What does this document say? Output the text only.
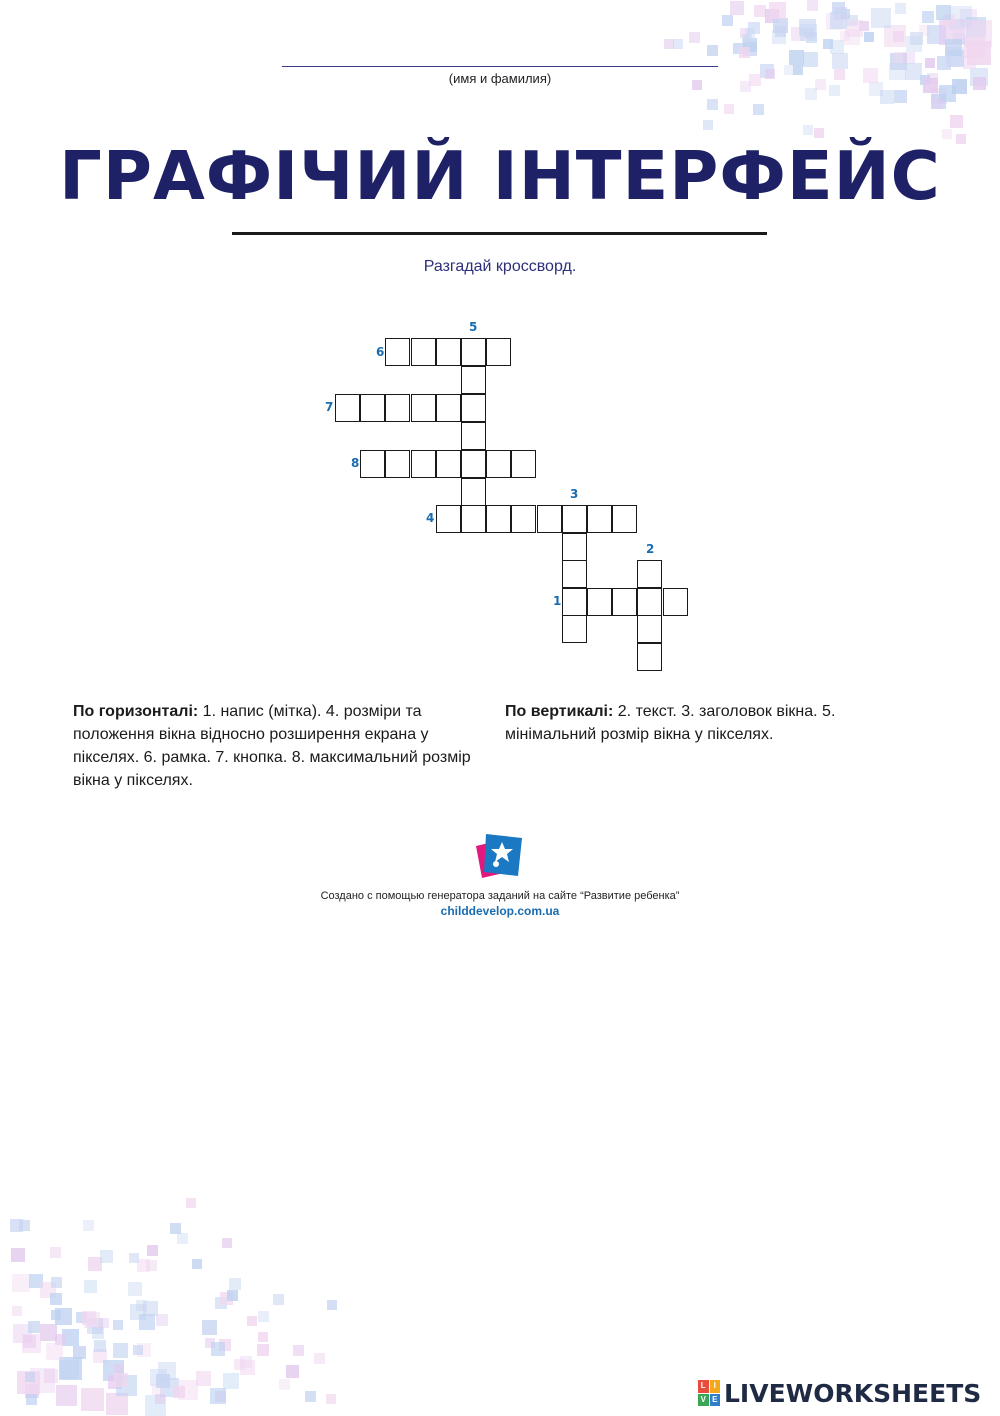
(имя и фамилия)
ГРАФІЧИЙ ІНТЕРФЕЙС
Разгадай кроссворд.
5
6
7
8
3
4
2
1
По горизонталі: 1. напис (мітка). 4. розміри та положення вікна відносно розширення екрана у пікселях. 6. рамка. 7. кнопка. 8. максимальний розмір вікна у пікселях.
По вертикалі: 2. текст. 3. заголовок вікна. 5. мінімальний розмір вікна у пікселях.
Создано с помощью генератора заданий на сайте “Развитие ребенка”
childdevelop.com.ua
L I
V E LIVEWORKSHEETS
